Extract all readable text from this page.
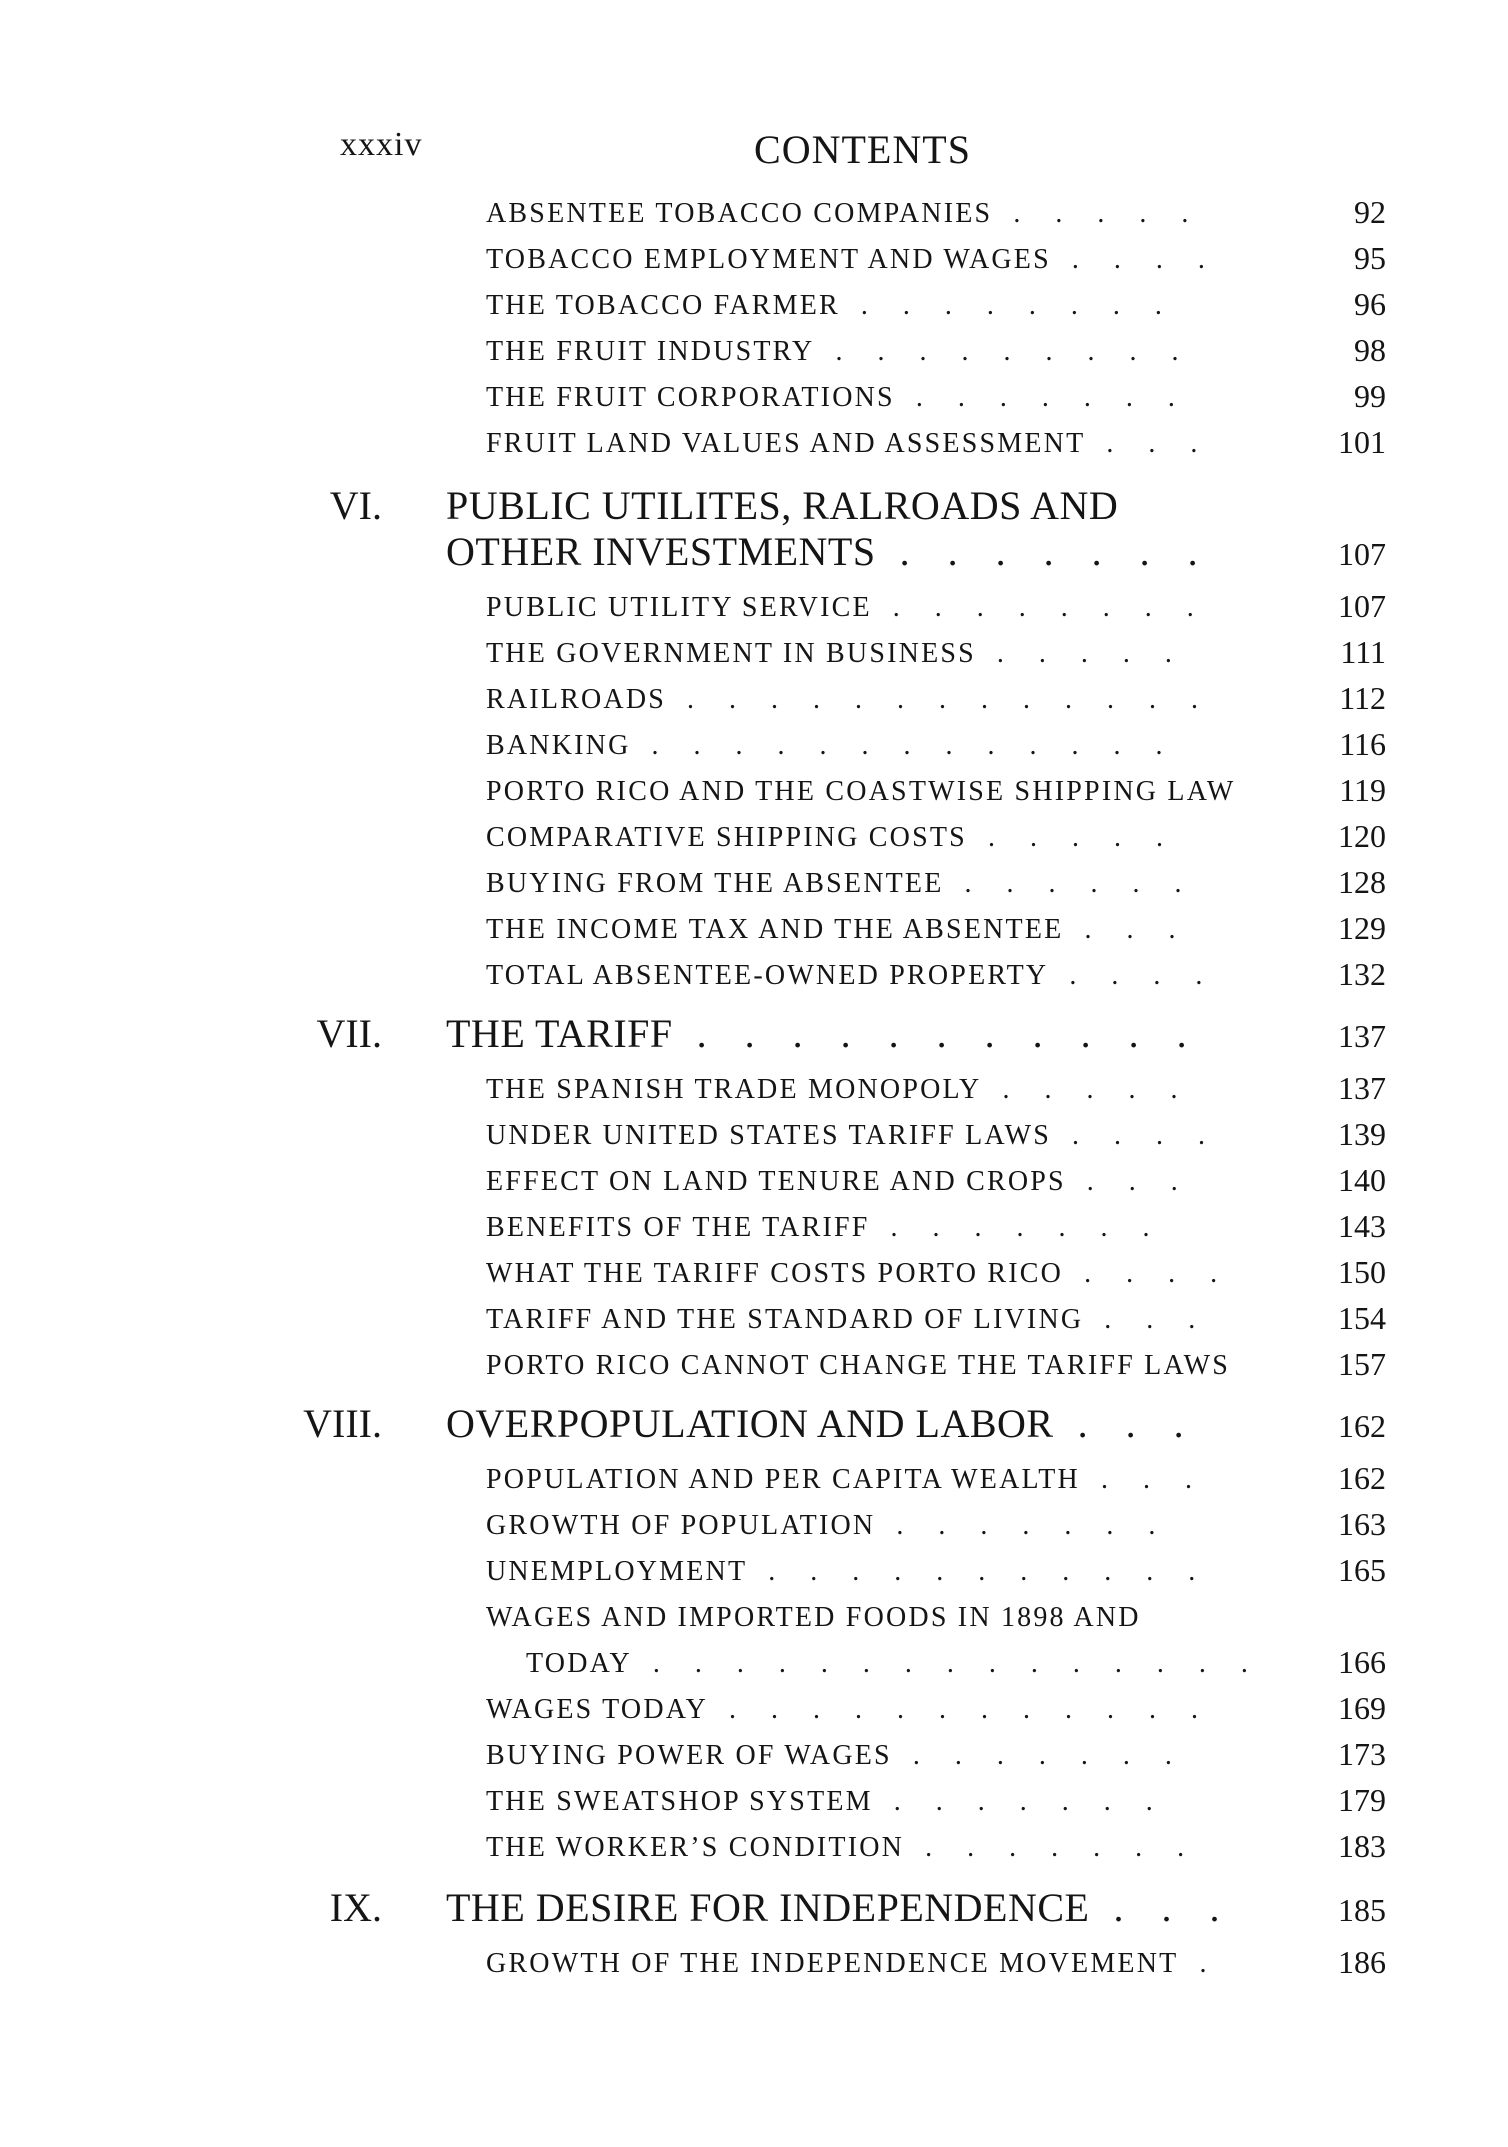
xxxiv	CONTENTS
ABSENTEE TOBACCO COMPANIES . . . . .	92
TOBACCO EMPLOYMENT AND WAGES . . . .	95
THE TOBACCO FARMER . . . . . . . .	96
THE FRUIT INDUSTRY . . . . . . . . .	98
THE FRUIT CORPORATIONS . . . . . . .	99
FRUIT LAND VALUES AND ASSESSMENT . . .	101
VI. PUBLIC UTILITES, RALROADS AND
OTHER INVESTMENTS . . . . . . .	107
PUBLIC UTILITY SERVICE . . . . . . . .	107
THE GOVERNMENT IN BUSINESS . . . . .	111
RAILROADS . . . . . . . . . . . . .	112
BANKING . . . . . . . . . . . . .	116
PORTO RICO AND THE COASTWISE SHIPPING LAW	119
COMPARATIVE SHIPPING COSTS . . . . .	120
BUYING FROM THE ABSENTEE . . . . . .	128
THE INCOME TAX AND THE ABSENTEE . . .	129
TOTAL ABSENTEE-OWNED PROPERTY . . . .	132
VII. THE TARIFF . . . . . . . . . . .	137
THE SPANISH TRADE MONOPOLY . . . . .	137
UNDER UNITED STATES TARIFF LAWS . . . .	139
EFFECT ON LAND TENURE AND CROPS . . .	140
BENEFITS OF THE TARIFF . . . . . . .	143
WHAT THE TARIFF COSTS PORTO RICO . . . .	150
TARIFF AND THE STANDARD OF LIVING . . .	154
PORTO RICO CANNOT CHANGE THE TARIFF LAWS	157
VIII. OVERPOPULATION AND LABOR . . .	162
POPULATION AND PER CAPITA WEALTH . . .	162
GROWTH OF POPULATION . . . . . . .	163
UNEMPLOYMENT . . . . . . . . . . .	165
WAGES AND IMPORTED FOODS IN 1898 AND
TODAY . . . . . . . . . . . . . . .	166
WAGES TODAY . . . . . . . . . . . .	169
BUYING POWER OF WAGES . . . . . . .	173
THE SWEATSHOP SYSTEM . . . . . . .	179
THE WORKER’S CONDITION . . . . . . .	183
IX. THE DESIRE FOR INDEPENDENCE . . .	185
GROWTH OF THE INDEPENDENCE MOVEMENT .	186
